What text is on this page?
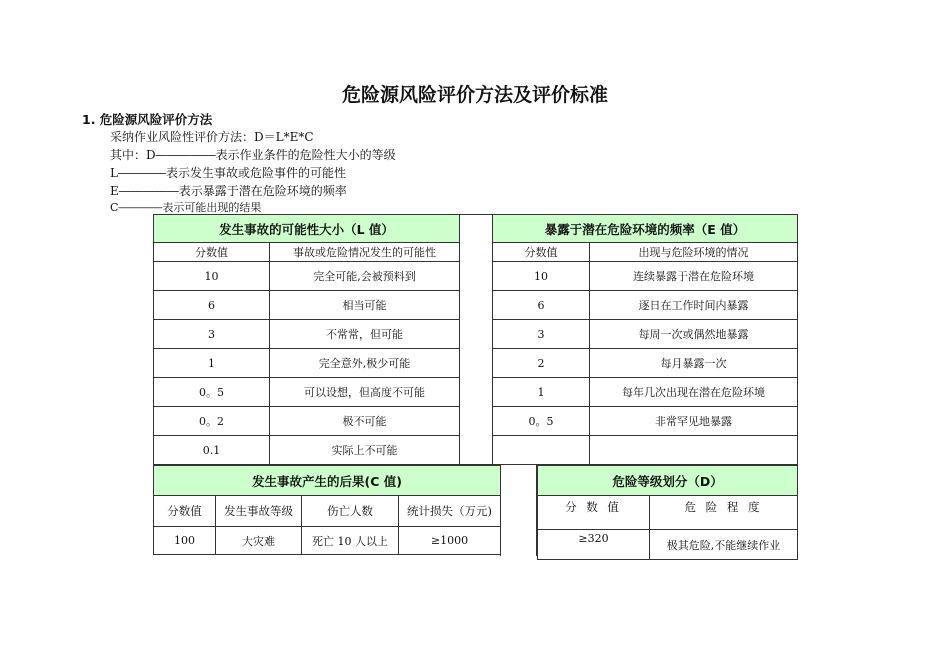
危险源风险评价方法及评价标准
1. 危险源风险评价方法
采纳作业风险性评价方法：D＝L*E*C
其中：D―――――表示作业条件的危险性大小的等级
L――――表示发生事故或危险事件的可能性
E―――――表示暴露于潜在危险环境的频率
C――――表示可能出现的结果
发生事故的可能性大小（L 值）	
分数值	事故或危险情况发生的可能性
10	完全可能,会被预料到
6	相当可能
3	不常常，但可能
1	完全意外,极少可能
0。5	可以设想，但高度不可能
0。2	极不可能
0.1	实际上不可能
暴露于潜在危险环境的频率（E 值）	
分数值	出现与危险环境的情况
10	连续暴露于潜在危险环境
6	逐日在工作时间内暴露
3	每周一次或偶然地暴露
2	每月暴露一次
1	每年几次出现在潜在危险环境
0。5	非常罕见地暴露

发生事故产生的后果(C 值)			
分数值	发生事故等级	伤亡人数	统计损失（万元)
100	大灾难	死亡 10 人以上	≥1000
危险等级划分（D）	
分 数 值	危 险 程 度
≥320	极其危险,不能继续作业
